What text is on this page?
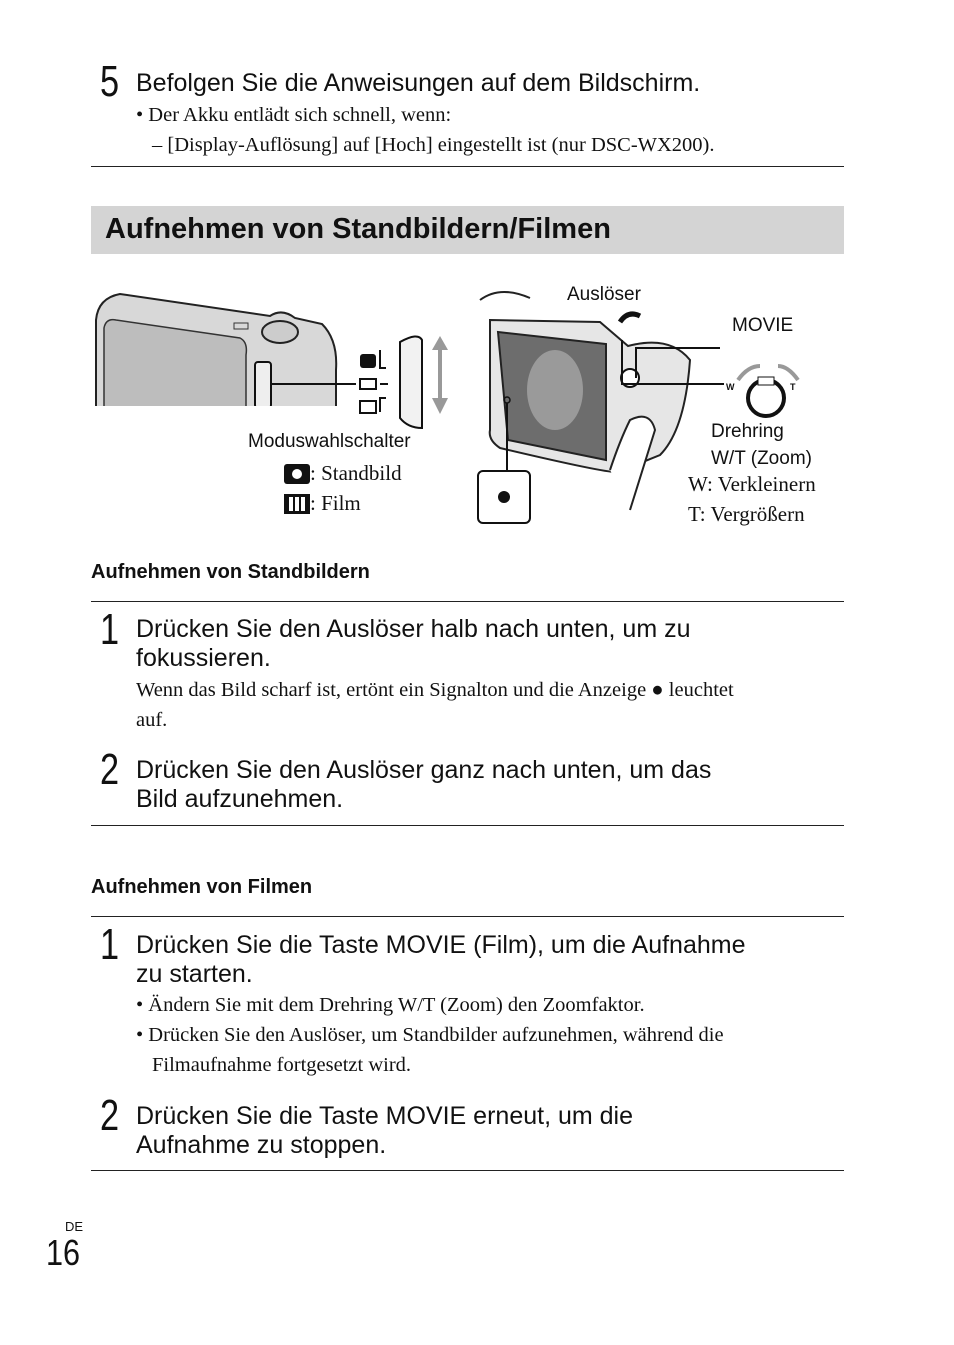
5 Befolgen Sie die Anweisungen auf dem Bildschirm.
• Der Akku entlädt sich schnell, wenn:
– [Display-Auflösung] auf [Hoch] eingestellt ist (nur DSC-WX200).
Aufnehmen von Standbildern/Filmen
Moduswahlschalter
: Standbild
: Film
Auslöser
MOVIE
W	T
Drehring
W/T (Zoom)
W: Verkleinern
T: Vergrößern
Aufnehmen von Standbildern
1 Drücken Sie den Auslöser halb nach unten, um zu
fokussieren.
Wenn das Bild scharf ist, ertönt ein Signalton und die Anzeige ● leuchtet
auf.
2 Drücken Sie den Auslöser ganz nach unten, um das
Bild aufzunehmen.
Aufnehmen von Filmen
1 Drücken Sie die Taste MOVIE (Film), um die Aufnahme
zu starten.
• Ändern Sie mit dem Drehring W/T (Zoom) den Zoomfaktor.
• Drücken Sie den Auslöser, um Standbilder aufzunehmen, während die
Filmaufnahme fortgesetzt wird.
2 Drücken Sie die Taste MOVIE erneut, um die
Aufnahme zu stoppen.
DE
16
